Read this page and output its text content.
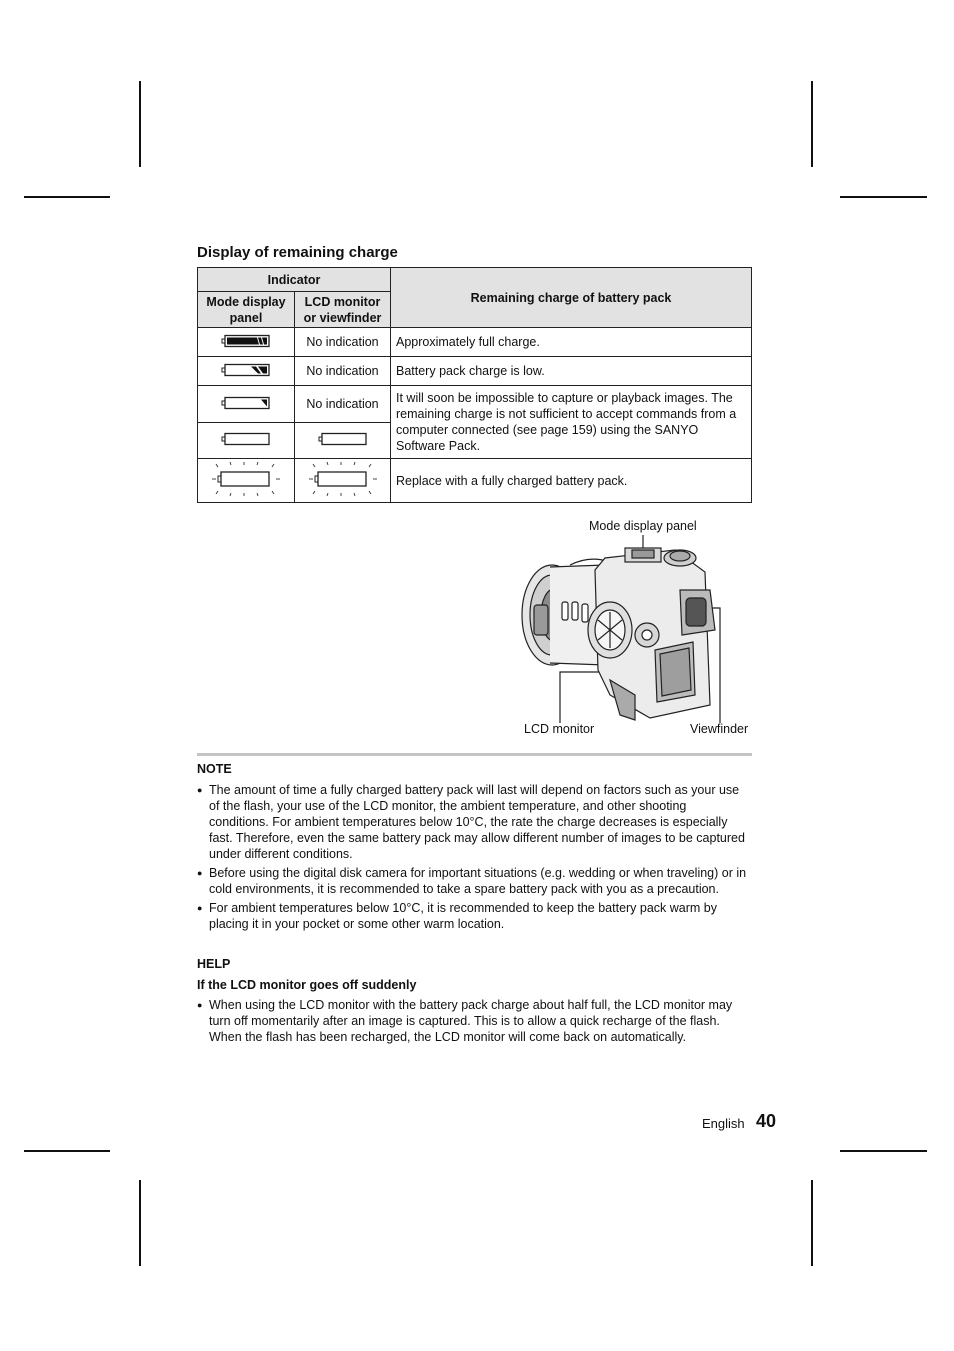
Display of remaining charge
Indicator		Remaining charge of battery pack
Mode display panel	LCD monitor or viewfinder	
	No indication	Approximately full charge.
	No indication	Battery pack charge is low.
	No indication	It will soon be impossible to capture or playback images. The remaining charge is not sufficient to accept commands from a computer connected (see page 159) using the SANYO Software Pack.

		Replace with a fully charged battery pack.
Mode display panel
LCD monitor	Viewfinder
NOTE
● The amount of time a fully charged battery pack will last will depend on factors such as your use of the flash, your use of the LCD monitor, the ambient temperature, and other shooting conditions. For ambient temperatures below 10°C, the rate the charge decreases is especially fast. Therefore, even the same battery pack may allow different number of images to be captured under different conditions.
● Before using the digital disk camera for important situations (e.g. wedding or when traveling) or in cold environments, it is recommended to take a spare battery pack with you as a precaution.
● For ambient temperatures below 10°C, it is recommended to keep the battery pack warm by placing it in your pocket or some other warm location.
HELP
If the LCD monitor goes off suddenly
● When using the LCD monitor with the battery pack charge about half full, the LCD monitor may turn off momentarily after an image is captured. This is to allow a quick recharge of the flash. When the flash has been recharged, the LCD monitor will come back on automatically.
English 40
